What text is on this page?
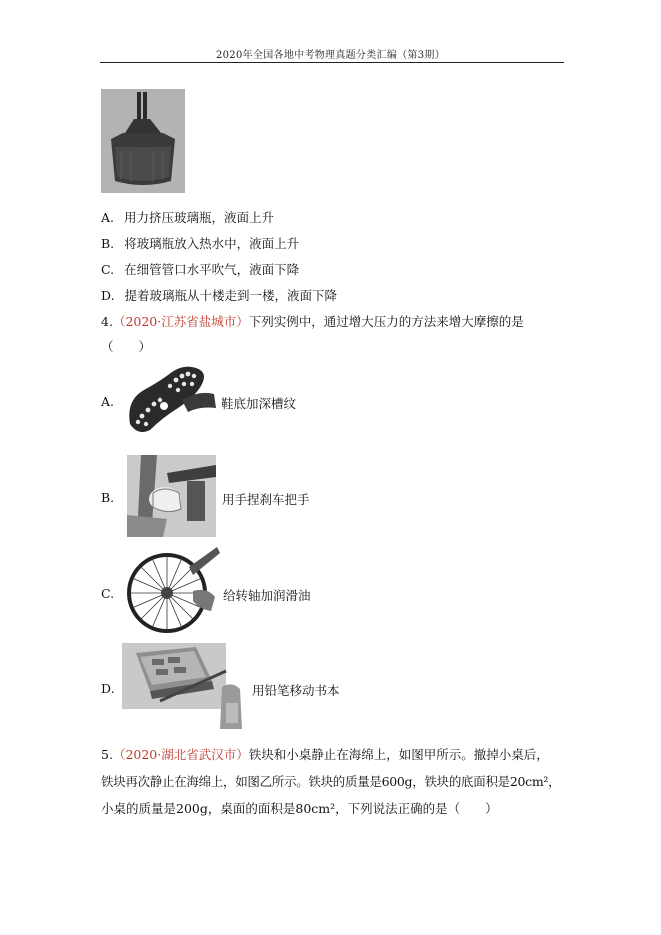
2020年全国各地中考物理真题分类汇编（第3期）
A. 用力挤压玻璃瓶，液面上升
B. 将玻璃瓶放入热水中，液面上升
C. 在细管管口水平吹气，液面下降
D. 提着玻璃瓶从十楼走到一楼，液面下降
4.（2020·江苏省盐城市）下列实例中，通过增大压力的方法来增大摩擦的是
（　　）
A.	鞋底加深槽纹
B.	用手捏刹车把手
C.	给转轴加润滑油
D.	用铅笔移动书本
5.（2020·湖北省武汉市）铁块和小桌静止在海绵上，如图甲所示。撤掉小桌后，
铁块再次静止在海绵上，如图乙所示。铁块的质量是600g，铁块的底面积是20cm²，
小桌的质量是200g，桌面的面积是80cm²，下列说法正确的是（　　）
